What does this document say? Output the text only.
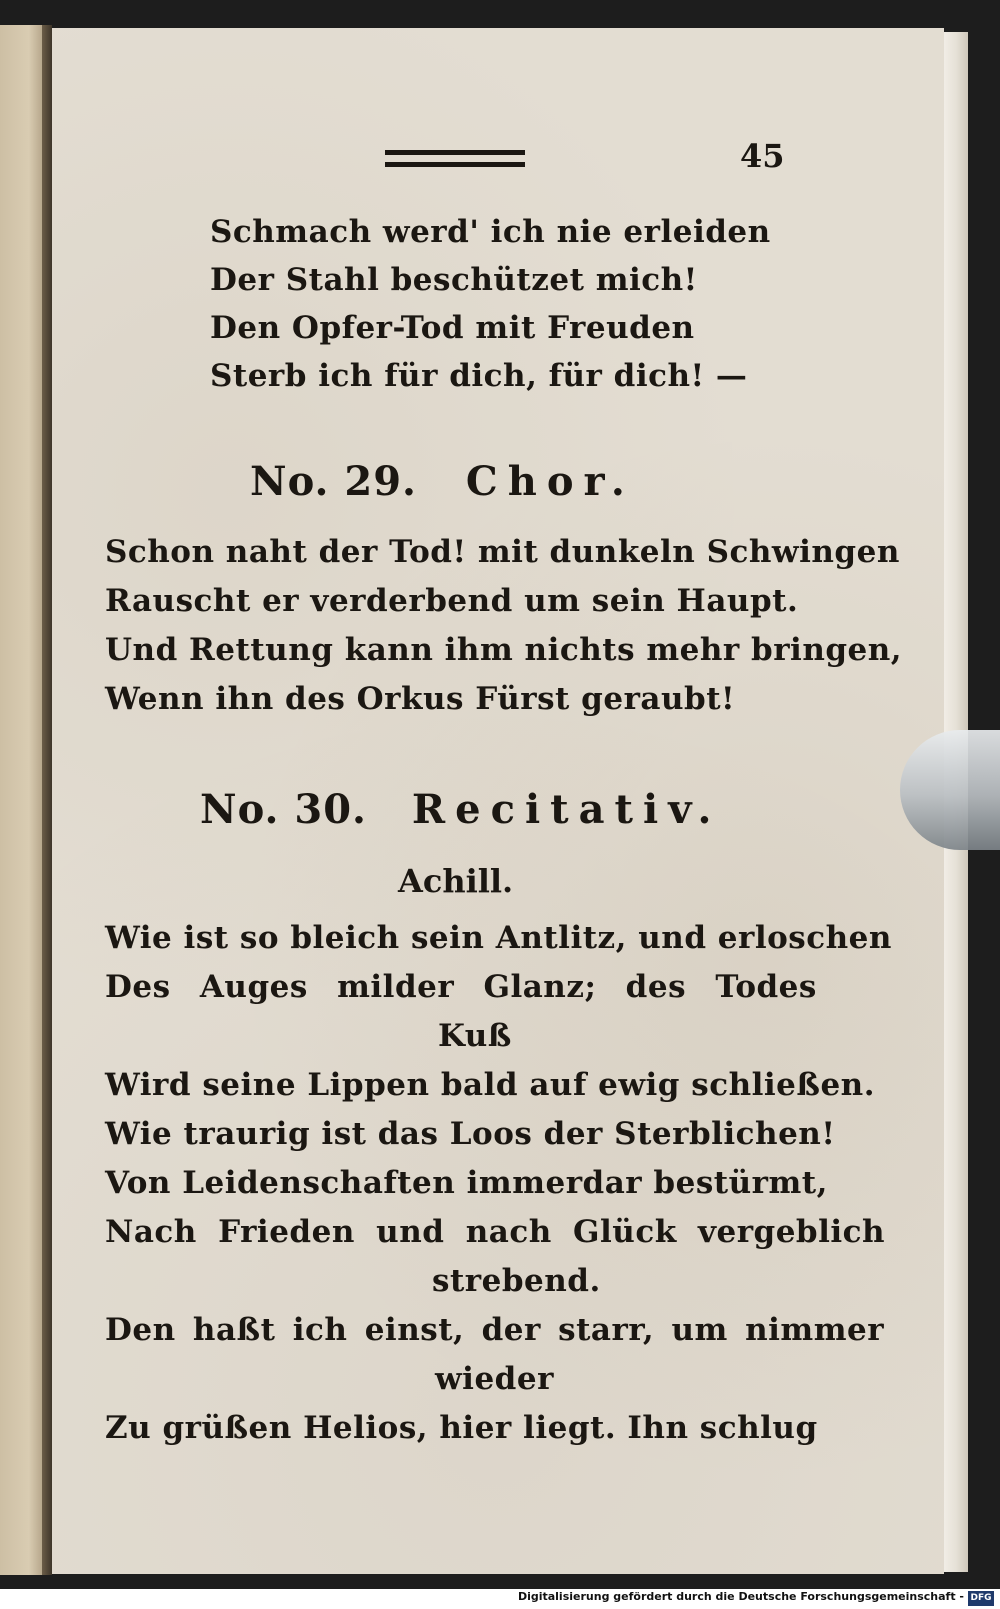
45
Schmach werd' ich nie erleiden
Der Stahl beschützet mich!
Den Opfer-Tod mit Freuden
Sterb ich für dich, für dich! —
No. 29. Chor.
Schon naht der Tod! mit dunkeln Schwingen
Rauscht er verderbend um sein Haupt.
Und Rettung kann ihm nichts mehr bringen,
Wenn ihn des Orkus Fürst geraubt!
No. 30. Recitativ.
Achill.
Wie ist so bleich sein Antlitz, und erloschen
Des Auges milder Glanz; des Todes
Kuß
Wird seine Lippen bald auf ewig schließen.
Wie traurig ist das Loos der Sterblichen!
Von Leidenschaften immerdar bestürmt,
Nach Frieden und nach Glück vergeblich
strebend.
Den haßt ich einst, der starr, um nimmer
wieder
Zu grüßen Helios, hier liegt. Ihn schlug
Digitalisierung gefördert durch die Deutsche Forschungsgemeinschaft - DFG
